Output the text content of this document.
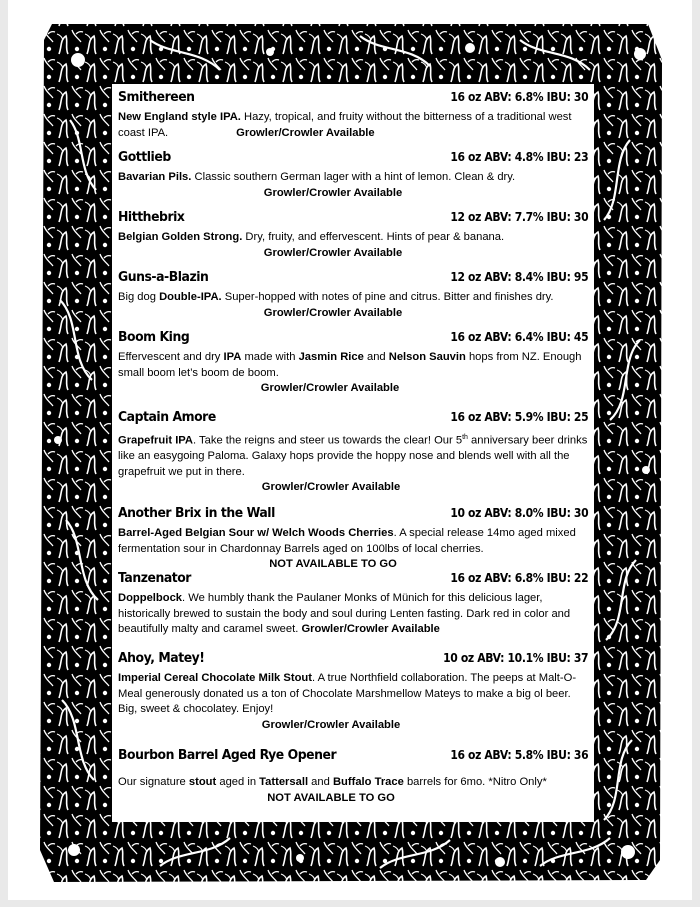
Smithereen	16 oz ABV: 6.8% IBU: 30
New England style IPA. Hazy, tropical, and fruity without the bitterness of a traditional west coast IPA.	Growler/Crowler Available
Gottlieb	16 oz ABV: 4.8% IBU: 23
Bavarian Pils. Classic southern German lager with a hint of lemon. Clean & dry.
Growler/Crowler Available
Hitthebrix	12 oz ABV: 7.7% IBU: 30
Belgian Golden Strong. Dry, fruity, and effervescent. Hints of pear & banana.
Growler/Crowler Available
Guns-a-Blazin	12 oz ABV: 8.4% IBU: 95
Big dog Double-IPA. Super-hopped with notes of pine and citrus. Bitter and finishes dry.
Growler/Crowler Available
Boom King	16 oz ABV: 6.4% IBU: 45
Effervescent and dry IPA made with Jasmin Rice and Nelson Sauvin hops from NZ. Enough small boom let’s boom de boom.
Growler/Crowler Available
Captain Amore	16 oz ABV: 5.9% IBU: 25
Grapefruit IPA. Take the reigns and steer us towards the clear! Our 5th anniversary beer drinks like an easygoing Paloma. Galaxy hops provide the hoppy nose and blends well with all the grapefruit we put in there.
Growler/Crowler Available
Another Brix in the Wall	10 oz ABV: 8.0% IBU: 30
Barrel-Aged Belgian Sour w/ Welch Woods Cherries. A special release 14mo aged mixed fermentation sour in Chardonnay Barrels aged on 100lbs of local cherries.
NOT AVAILABLE TO GO
Tanzenator	16 oz ABV: 6.8% IBU: 22
Doppelbock. We humbly thank the Paulaner Monks of Münich for this delicious lager, historically brewed to sustain the body and soul during Lenten fasting. Dark red in color and beautifully malty and caramel sweet. Growler/Crowler Available
Ahoy, Matey!	10 oz ABV: 10.1% IBU: 37
Imperial Cereal Chocolate Milk Stout. A true Northfield collaboration. The peeps at Malt-O-Meal generously donated us a ton of Chocolate Marshmellow Mateys to make a big ol beer. Big, sweet & chocolatey. Enjoy!
Growler/Crowler Available
Bourbon Barrel Aged Rye Opener	16 oz ABV: 5.8% IBU: 36
Our signature stout aged in Tattersall and Buffalo Trace barrels for 6mo. *Nitro Only*
NOT AVAILABLE TO GO
